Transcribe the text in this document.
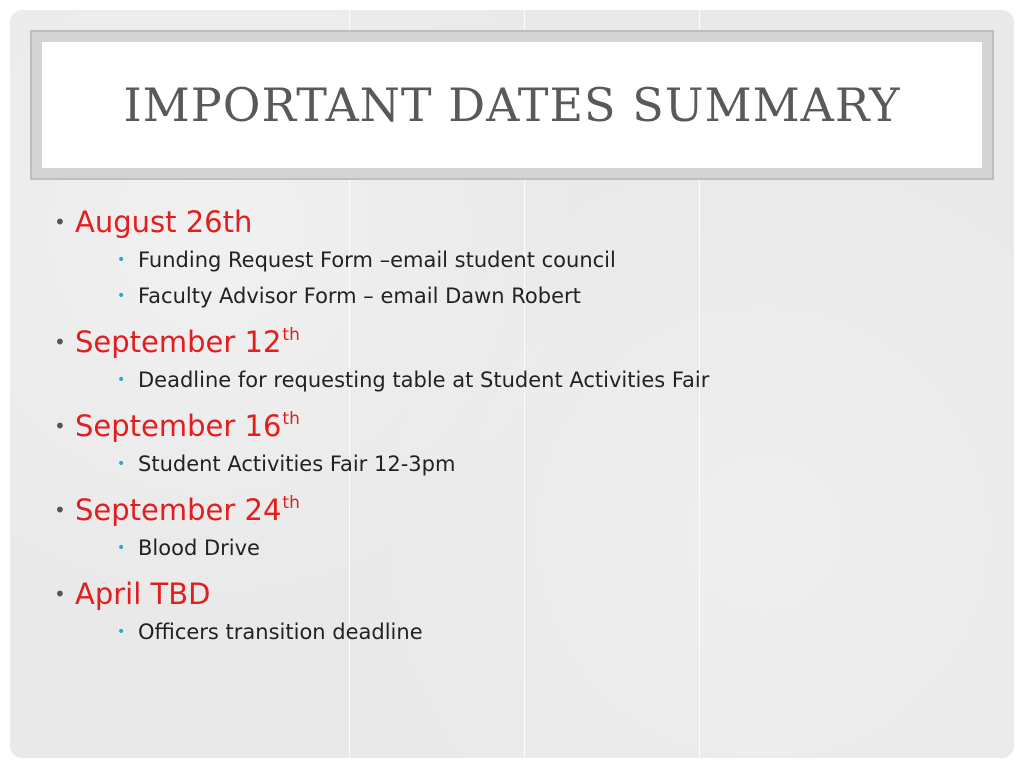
IMPORTANT DATES SUMMARY
• August 26th
• Funding Request Form –email student council
• Faculty Advisor Form – email Dawn Robert
• September 12th
• Deadline for requesting table at Student Activities Fair
• September 16th
• Student Activities Fair 12-3pm
• September 24th
• Blood Drive
• April TBD
• Officers transition deadline
